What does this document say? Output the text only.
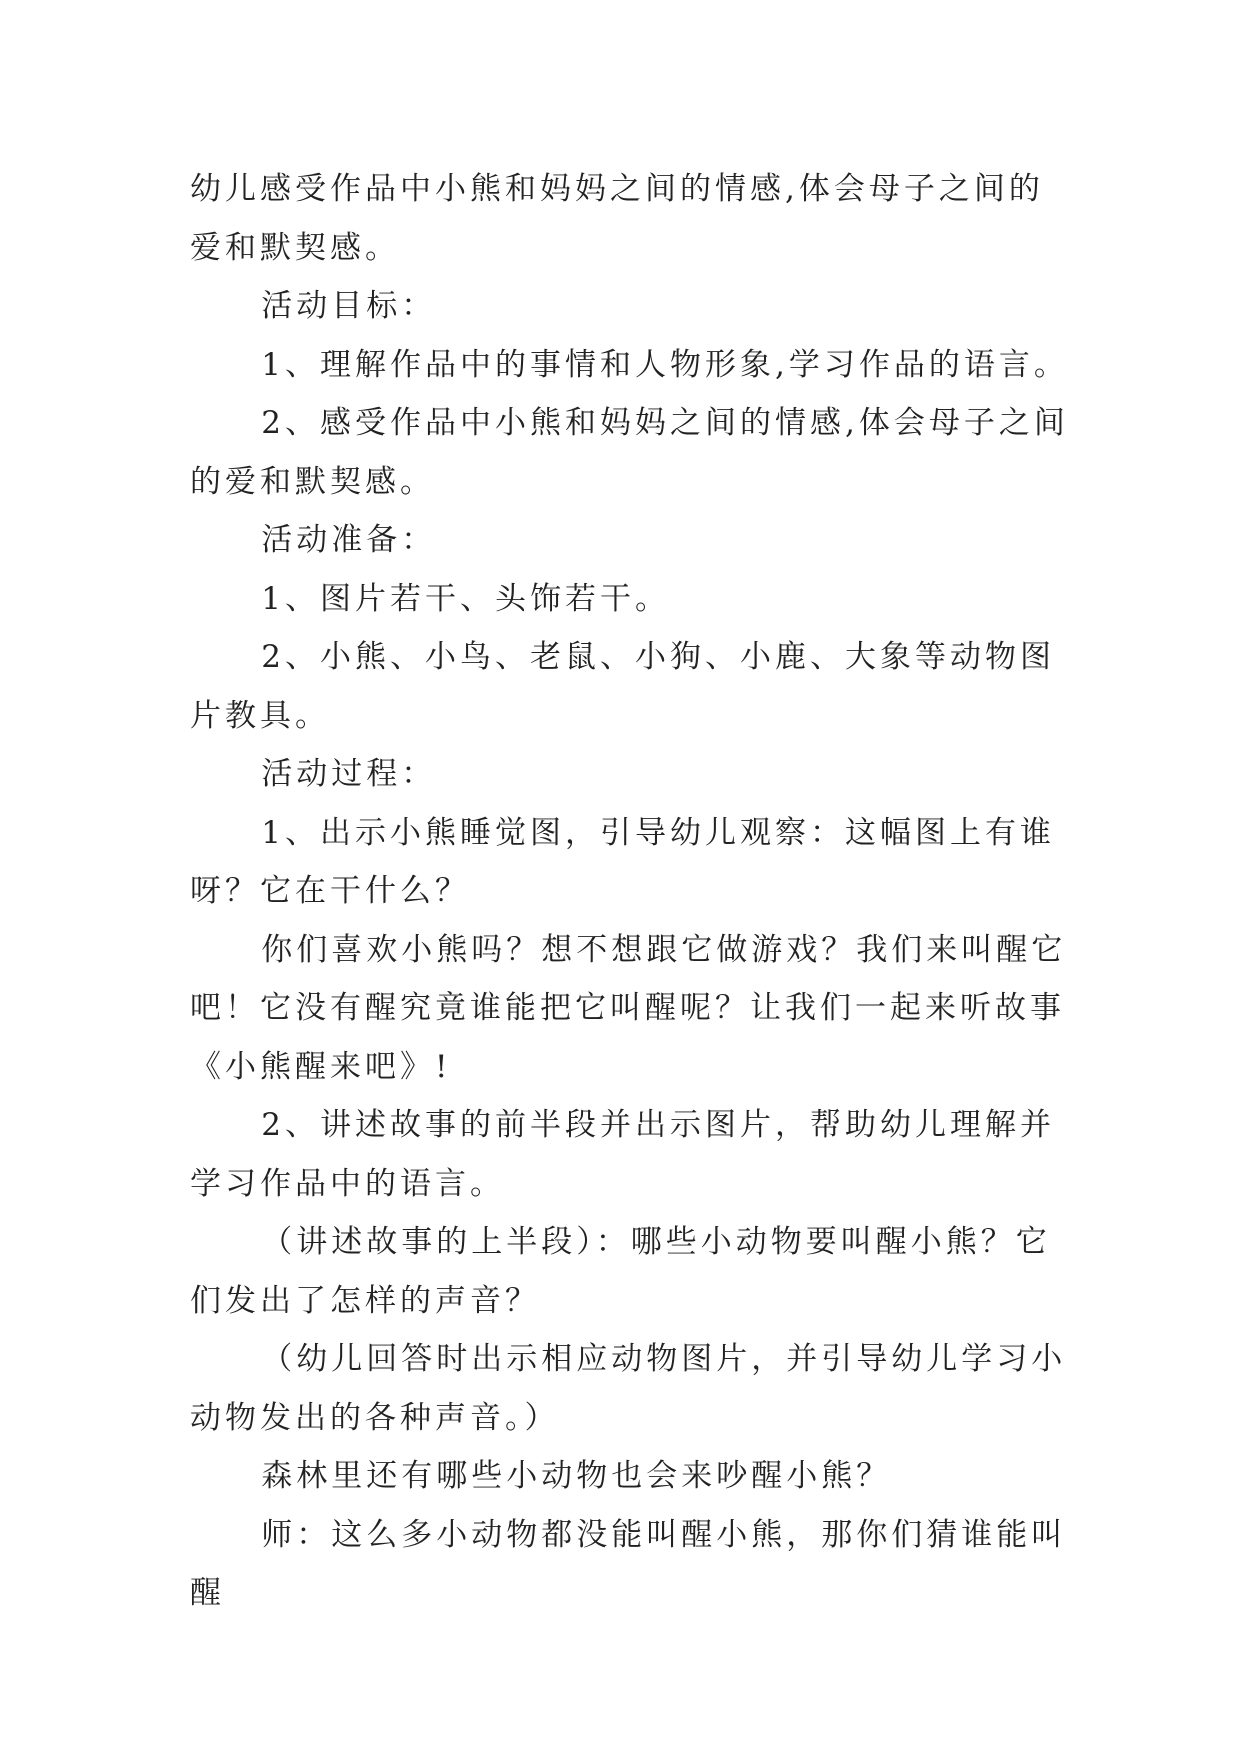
幼儿感受作品中小熊和妈妈之间的情感,体会母子之间的爱和默契感。

活动目标：

1、理解作品中的事情和人物形象,学习作品的语言。

2、感受作品中小熊和妈妈之间的情感,体会母子之间的爱和默契感。

活动准备：

1、图片若干、头饰若干。

2、小熊、小鸟、老鼠、小狗、小鹿、大象等动物图片教具。

活动过程：

1、出示小熊睡觉图，引导幼儿观察：这幅图上有谁呀？它在干什么？

你们喜欢小熊吗？想不想跟它做游戏？我们来叫醒它吧！它没有醒究竟谁能把它叫醒呢？让我们一起来听故事《小熊醒来吧》!

2、讲述故事的前半段并出示图片，帮助幼儿理解并学习作品中的语言。

（讲述故事的上半段）：哪些小动物要叫醒小熊？它们发出了怎样的声音？

（幼儿回答时出示相应动物图片，并引导幼儿学习小动物发出的各种声音。）

森林里还有哪些小动物也会来吵醒小熊？

师：这么多小动物都没能叫醒小熊，那你们猜谁能叫醒
